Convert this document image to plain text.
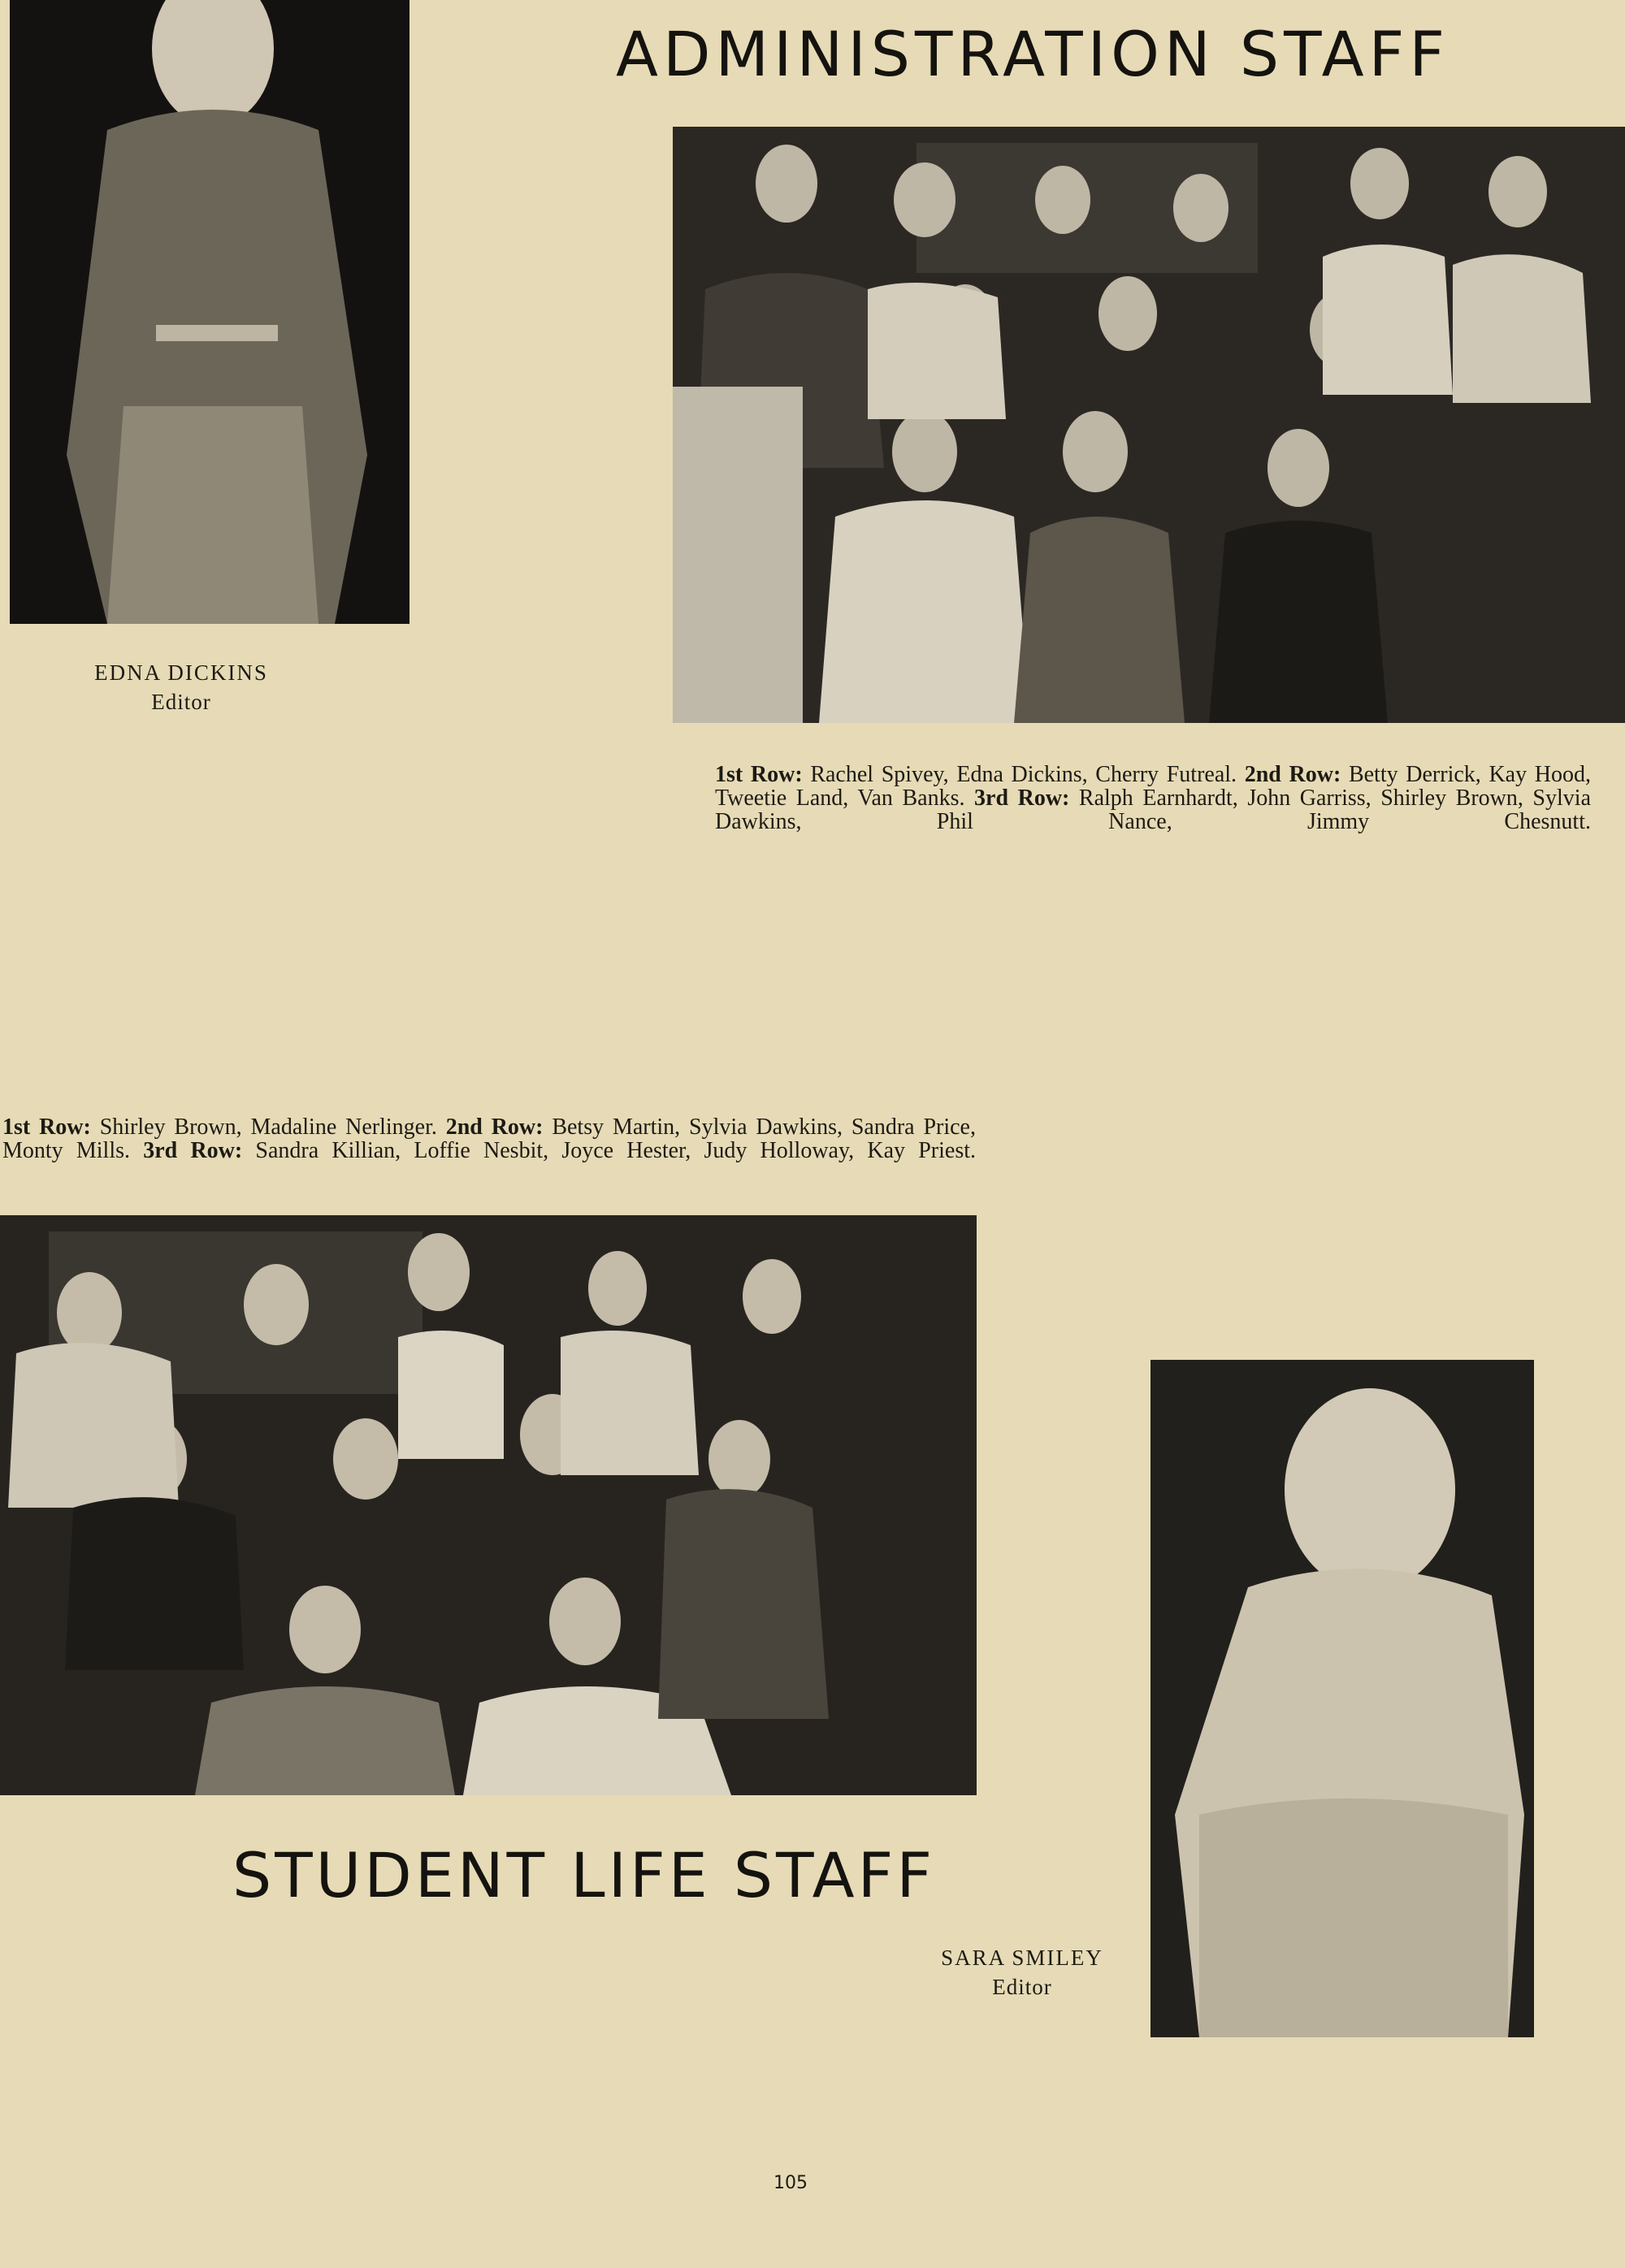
ADMINISTRATION STAFF
EDNA DICKINS
Editor

1st Row: Rachel Spivey, Edna Dickins, Cherry Futreal. 2nd Row: Betty Derrick, Kay Hood, Tweetie Land, Van Banks. 3rd Row: Ralph Earnhardt, John Garriss, Shirley Brown, Sylvia Dawkins, Phil Nance, Jimmy Chesnutt.

1st Row: Shirley Brown, Madaline Nerlinger. 2nd Row: Betsy Martin, Sylvia Dawkins, Sandra Price, Monty Mills. 3rd Row: Sandra Killian, Loffie Nesbit, Joyce Hester, Judy Holloway, Kay Priest.

STUDENT LIFE STAFF
SARA SMILEY
Editor
105
